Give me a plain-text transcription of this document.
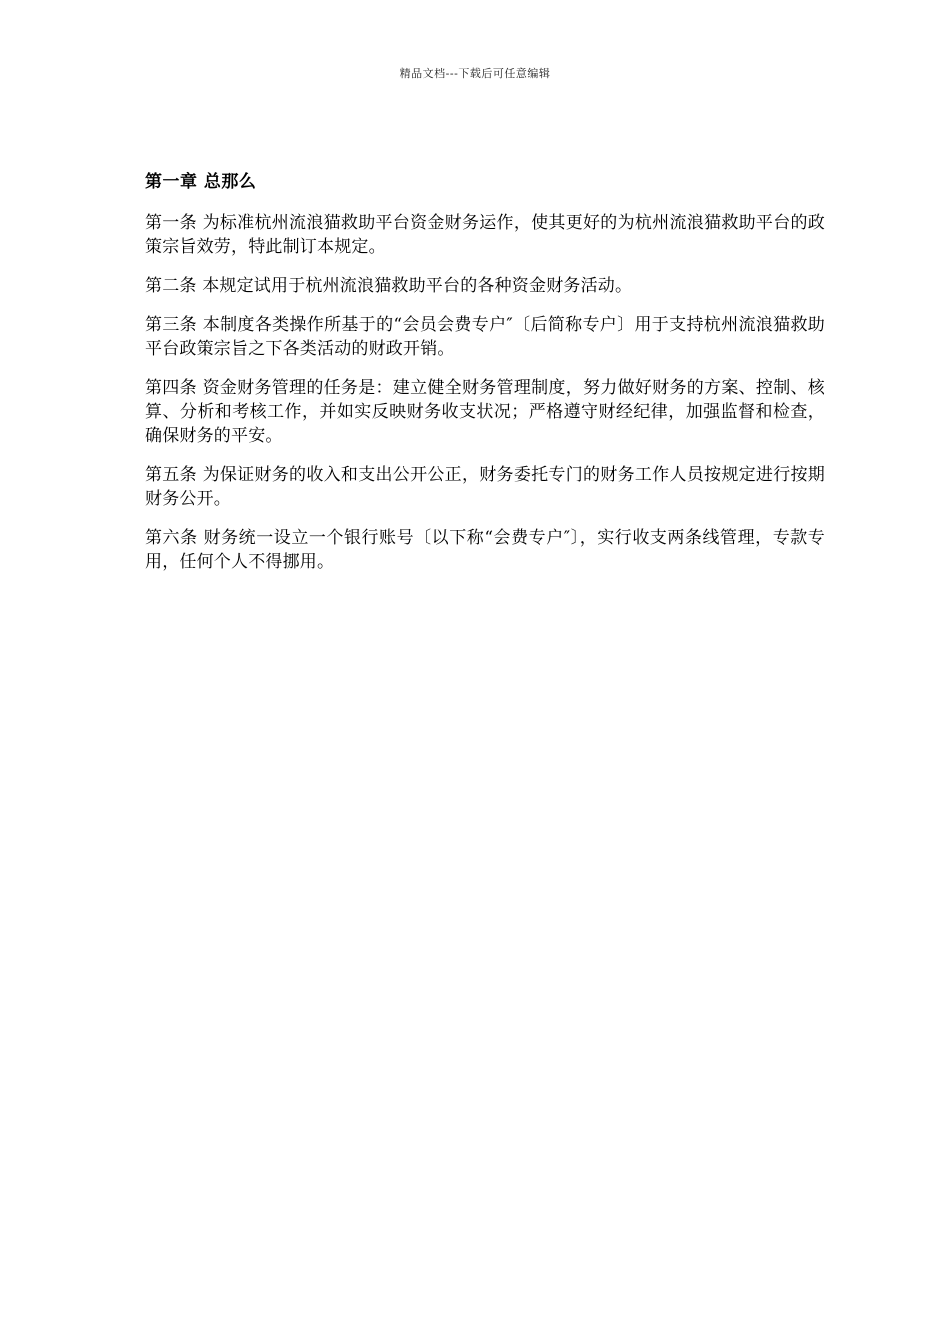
精品文档---下载后可任意编辑
第一章 总那么

第一条 为标准杭州流浪猫救助平台资金财务运作，使其更好的为杭州流浪猫救助平台的政策宗旨效劳，特此制订本规定。

第二条 本规定试用于杭州流浪猫救助平台的各种资金财务活动。

第三条 本制度各类操作所基于的“会员会费专户″〔后简称专户〕用于支持杭州流浪猫救助平台政策宗旨之下各类活动的财政开销。

第四条 资金财务管理的任务是：建立健全财务管理制度，努力做好财务的方案、控制、核算、分析和考核工作，并如实反映财务收支状况；严格遵守财经纪律，加强监督和检查，确保财务的平安。

第五条 为保证财务的收入和支出公开公正，财务委托专门的财务工作人员按规定进行按期财务公开。

第六条 财务统一设立一个银行账号〔以下称“会费专户″〕，实行收支两条线管理，专款专用，任何个人不得挪用。
